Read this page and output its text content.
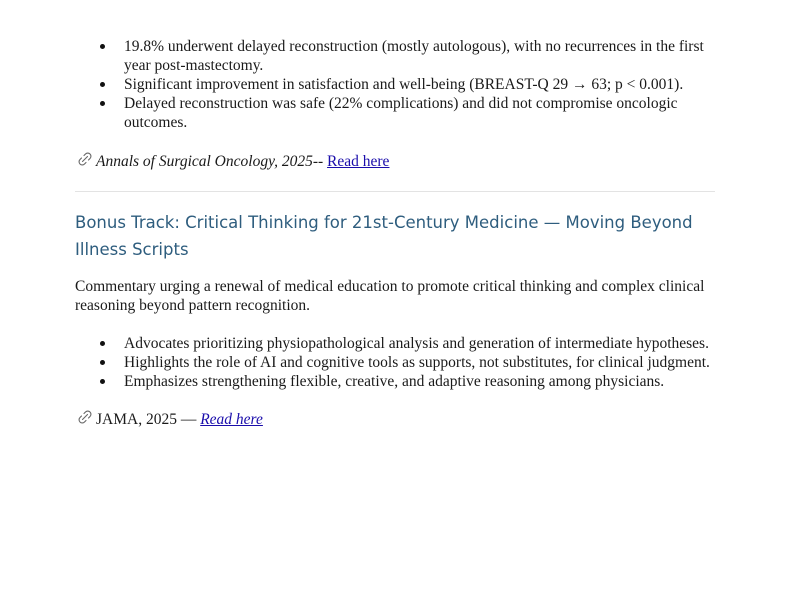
19.8% underwent delayed reconstruction (mostly autologous), with no recurrences in the first year post-mastectomy.
Significant improvement in satisfaction and well-being (BREAST-Q 29 → 63; p < 0.001).
Delayed reconstruction was safe (22% complications) and did not compromise oncologic outcomes.
Annals of Surgical Oncology, 2025--
Read here
Bonus Track: Critical Thinking for 21st-Century Medicine — Moving Beyond Illness Scripts

Commentary urging a renewal of medical education to promote critical thinking and complex clinical reasoning beyond pattern recognition.

Advocates prioritizing physiopathological analysis and generation of intermediate hypotheses.
Highlights the role of AI and cognitive tools as supports, not substitutes, for clinical judgment.
Emphasizes strengthening flexible, creative, and adaptive reasoning among physicians.
JAMA, 2025 —
Read here
